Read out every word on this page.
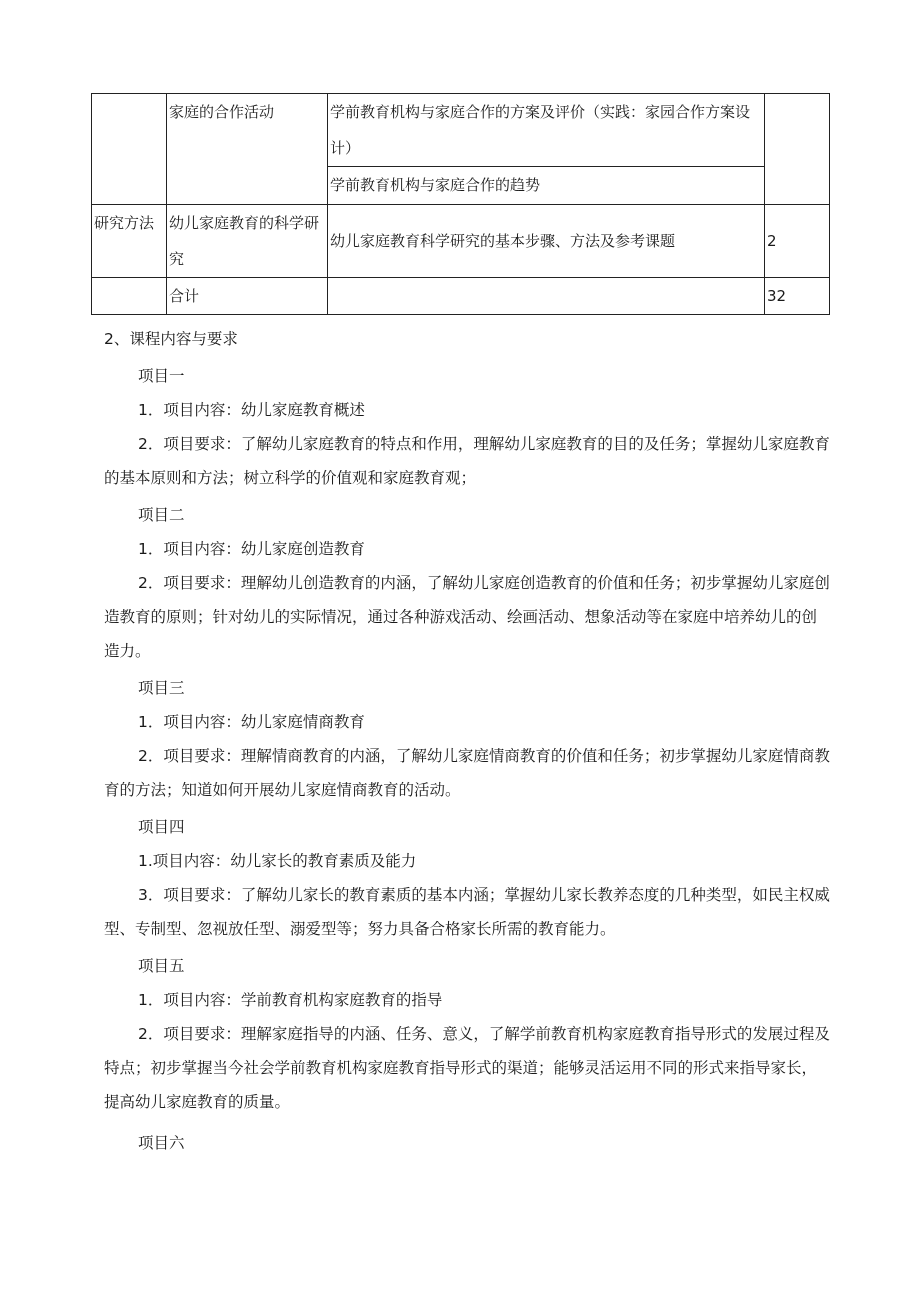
	家庭的合作活动	学前教育机构与家庭合作的方案及评价（实践：家园合作方案设计）	
		学前教育机构与家庭合作的趋势	
研究方法	幼儿家庭教育的科学研究	幼儿家庭教育科学研究的基本步骤、方法及参考课题	2
	合计		32

2、课程内容与要求

项目一

1．项目内容：幼儿家庭教育概述

2．项目要求：了解幼儿家庭教育的特点和作用，理解幼儿家庭教育的目的及任务；掌握幼儿家庭教育的基本原则和方法；树立科学的价值观和家庭教育观；

项目二

1．项目内容：幼儿家庭创造教育

2．项目要求：理解幼儿创造教育的内涵，了解幼儿家庭创造教育的价值和任务；初步掌握幼儿家庭创造教育的原则；针对幼儿的实际情况，通过各种游戏活动、绘画活动、想象活动等在家庭中培养幼儿的创造力。

项目三

1．项目内容：幼儿家庭情商教育

2．项目要求：理解情商教育的内涵，了解幼儿家庭情商教育的价值和任务；初步掌握幼儿家庭情商教育的方法；知道如何开展幼儿家庭情商教育的活动。

项目四

1.项目内容：幼儿家长的教育素质及能力

3．项目要求：了解幼儿家长的教育素质的基本内涵；掌握幼儿家长教养态度的几种类型，如民主权威型、专制型、忽视放任型、溺爱型等；努力具备合格家长所需的教育能力。

项目五

1．项目内容：学前教育机构家庭教育的指导

2．项目要求：理解家庭指导的内涵、任务、意义，了解学前教育机构家庭教育指导形式的发展过程及特点；初步掌握当今社会学前教育机构家庭教育指导形式的渠道；能够灵活运用不同的形式来指导家长，提高幼儿家庭教育的质量。

项目六
